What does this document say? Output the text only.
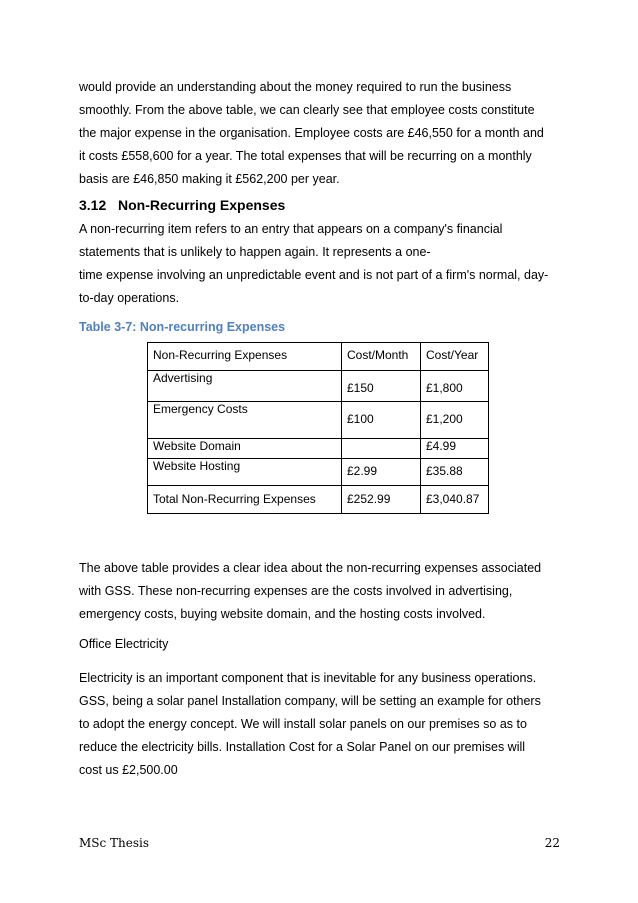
would provide an understanding about the money required to run the business
smoothly. From the above table, we can clearly see that employee costs constitute
the major expense in the organisation. Employee costs are £46,550 for a month and
it costs £558,600 for a year. The total expenses that will be recurring on a monthly
basis are £46,850 making it £562,200 per year.
3.12 Non-Recurring Expenses
A non-recurring item refers to an entry that appears on a company's financial
statements that is unlikely to happen again. It represents a one-
time expense involving an unpredictable event and is not part of a firm's normal, day-
to-day operations.
Table 3-7: Non-recurring Expenses
Non-Recurring Expenses	Cost/Month	Cost/Year
Advertising	£150	£1,800
Emergency Costs	£100	£1,200
Website Domain		£4.99
Website Hosting	£2.99	£35.88
Total Non-Recurring Expenses	£252.99	£3,040.87
The above table provides a clear idea about the non-recurring expenses associated
with GSS. These non-recurring expenses are the costs involved in advertising,
emergency costs, buying website domain, and the hosting costs involved.
Office Electricity
Electricity is an important component that is inevitable for any business operations.
GSS, being a solar panel Installation company, will be setting an example for others
to adopt the energy concept. We will install solar panels on our premises so as to
reduce the electricity bills. Installation Cost for a Solar Panel on our premises will
cost us £2,500.00
MSc Thesis	22
